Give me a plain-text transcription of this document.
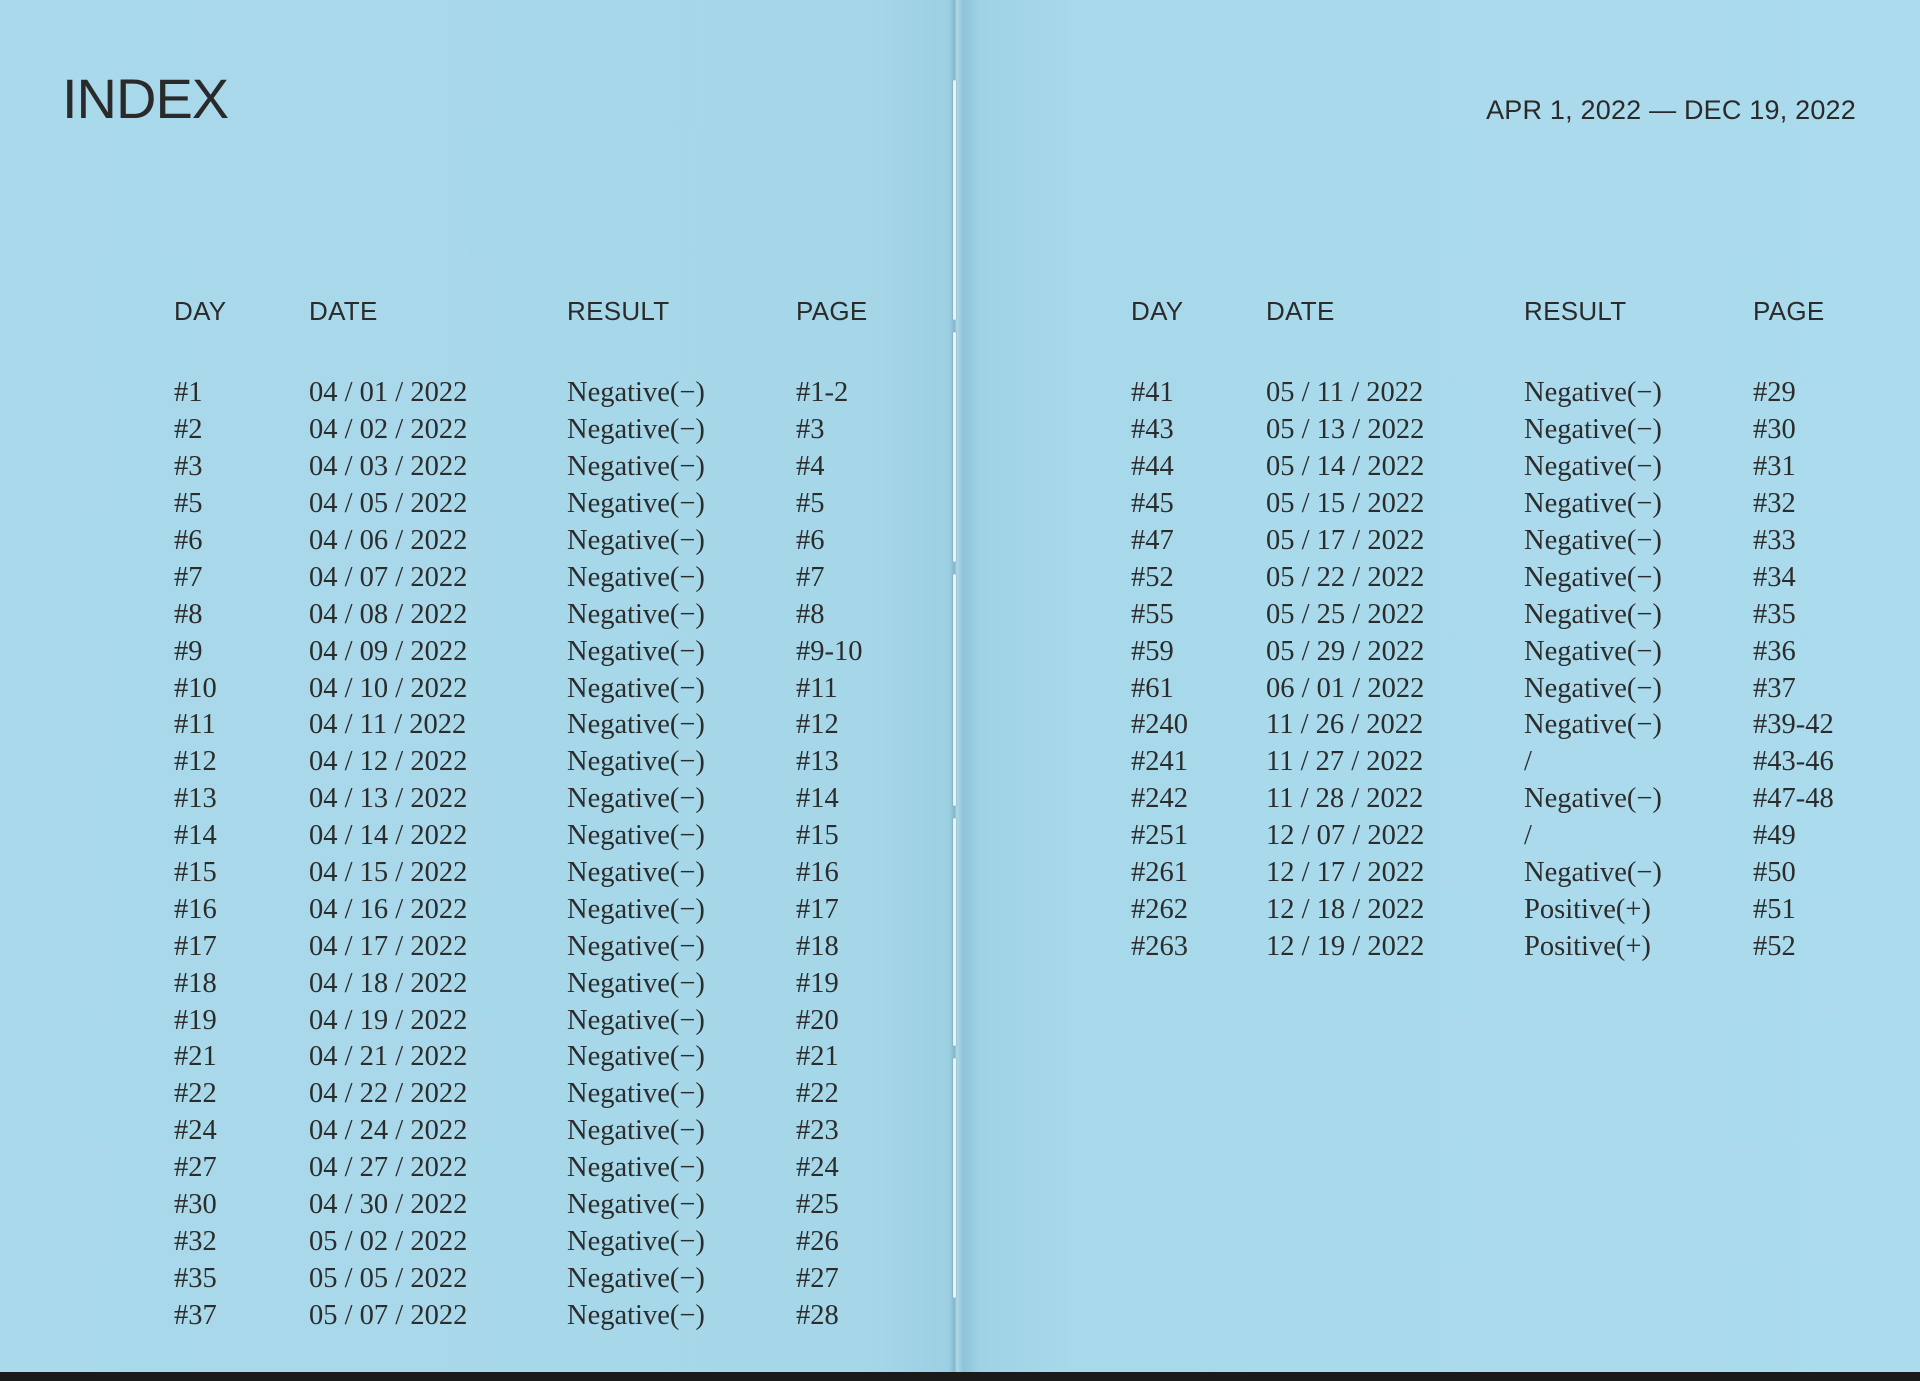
INDEX
DAY	DATE	RESULT	PAGE
#1	04 / 01 / 2022	Negative(−)	#1-2
#2	04 / 02 / 2022	Negative(−)	#3
#3	04 / 03 / 2022	Negative(−)	#4
#5	04 / 05 / 2022	Negative(−)	#5
#6	04 / 06 / 2022	Negative(−)	#6
#7	04 / 07 / 2022	Negative(−)	#7
#8	04 / 08 / 2022	Negative(−)	#8
#9	04 / 09 / 2022	Negative(−)	#9-10
#10	04 / 10 / 2022	Negative(−)	#11
#11	04 / 11 / 2022	Negative(−)	#12
#12	04 / 12 / 2022	Negative(−)	#13
#13	04 / 13 / 2022	Negative(−)	#14
#14	04 / 14 / 2022	Negative(−)	#15
#15	04 / 15 / 2022	Negative(−)	#16
#16	04 / 16 / 2022	Negative(−)	#17
#17	04 / 17 / 2022	Negative(−)	#18
#18	04 / 18 / 2022	Negative(−)	#19
#19	04 / 19 / 2022	Negative(−)	#20
#21	04 / 21 / 2022	Negative(−)	#21
#22	04 / 22 / 2022	Negative(−)	#22
#24	04 / 24 / 2022	Negative(−)	#23
#27	04 / 27 / 2022	Negative(−)	#24
#30	04 / 30 / 2022	Negative(−)	#25
#32	05 / 02 / 2022	Negative(−)	#26
#35	05 / 05 / 2022	Negative(−)	#27
#37	05 / 07 / 2022	Negative(−)	#28
APR 1, 2022 — DEC 19, 2022
DAY	DATE	RESULT	PAGE
#41	05 / 11 / 2022	Negative(−)	#29
#43	05 / 13 / 2022	Negative(−)	#30
#44	05 / 14 / 2022	Negative(−)	#31
#45	05 / 15 / 2022	Negative(−)	#32
#47	05 / 17 / 2022	Negative(−)	#33
#52	05 / 22 / 2022	Negative(−)	#34
#55	05 / 25 / 2022	Negative(−)	#35
#59	05 / 29 / 2022	Negative(−)	#36
#61	06 / 01 / 2022	Negative(−)	#37
#240	11 / 26 / 2022	Negative(−)	#39-42
#241	11 / 27 / 2022	/	#43-46
#242	11 / 28 / 2022	Negative(−)	#47-48
#251	12 / 07 / 2022	/	#49
#261	12 / 17 / 2022	Negative(−)	#50
#262	12 / 18 / 2022	Positive(+)	#51
#263	12 / 19 / 2022	Positive(+)	#52
